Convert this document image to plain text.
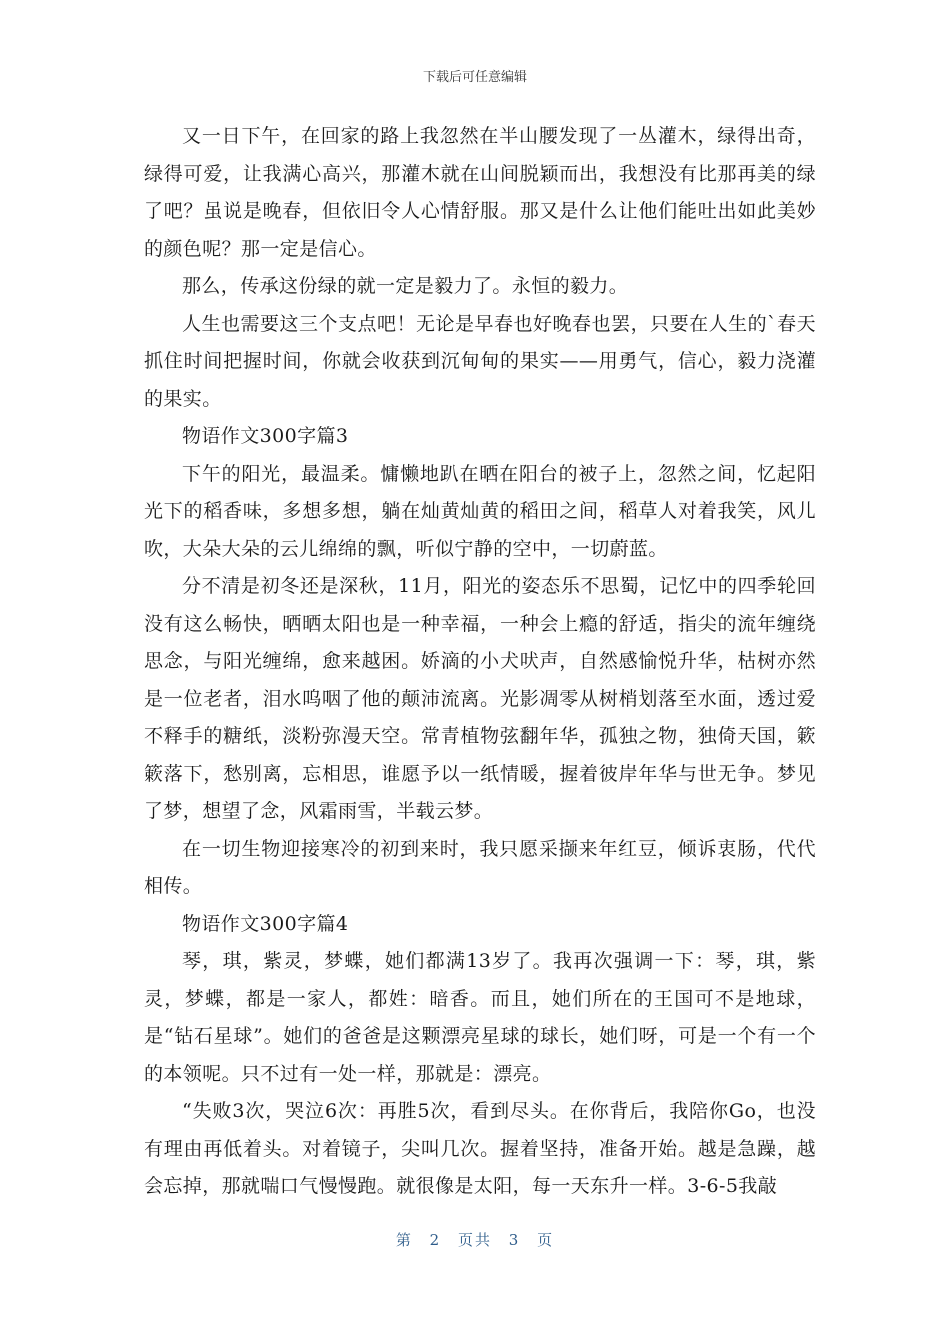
下载后可任意编辑

又一日下午，在回家的路上我忽然在半山腰发现了一丛灌木，绿得出奇，绿得可爱，让我满心高兴，那灌木就在山间脱颖而出，我想没有比那再美的绿了吧？虽说是晚春，但依旧令人心情舒服。那又是什么让他们能吐出如此美妙的颜色呢？那一定是信心。

那么，传承这份绿的就一定是毅力了。永恒的毅力。

人生也需要这三个支点吧！无论是早春也好晚春也罢，只要在人生的`春天抓住时间把握时间，你就会收获到沉甸甸的果实——用勇气，信心，毅力浇灌的果实。

物语作文300字篇3

下午的阳光，最温柔。慵懒地趴在晒在阳台的被子上，忽然之间，忆起阳光下的稻香味，多想多想，躺在灿黄灿黄的稻田之间，稻草人对着我笑，风儿吹，大朵大朵的云儿绵绵的飘，听似宁静的空中，一切蔚蓝。

分不清是初冬还是深秋，11月，阳光的姿态乐不思蜀，记忆中的四季轮回没有这么畅快，晒晒太阳也是一种幸福，一种会上瘾的舒适，指尖的流年缠绕思念，与阳光缠绵，愈来越困。娇滴的小犬吠声，自然感愉悦升华，枯树亦然是一位老者，泪水呜咽了他的颠沛流离。光影凋零从树梢划落至水面，透过爱不释手的糖纸，淡粉弥漫天空。常青植物弦翻年华，孤独之物，独倚天国，簌簌落下，愁别离，忘相思，谁愿予以一纸情暖，握着彼岸年华与世无争。梦见了梦，想望了念，风霜雨雪，半载云梦。

在一切生物迎接寒冷的初到来时，我只愿采撷来年红豆，倾诉衷肠，代代相传。

物语作文300字篇4

琴，琪，紫灵，梦蝶，她们都满13岁了。我再次强调一下：琴，琪，紫灵，梦蝶，都是一家人，都姓：暗香。而且，她们所在的王国可不是地球，是“钻石星球”。她们的爸爸是这颗漂亮星球的球长，她们呀，可是一个有一个的本领呢。只不过有一处一样，那就是：漂亮。

“失败3次，哭泣6次：再胜5次，看到尽头。在你背后，我陪你Go，也没有理由再低着头。对着镜子，尖叫几次。握着坚持，准备开始。越是急躁，越会忘掉，那就喘口气慢慢跑。就很像是太阳，每一天东升一样。3-6-5我敲

第 2 页共 3 页
